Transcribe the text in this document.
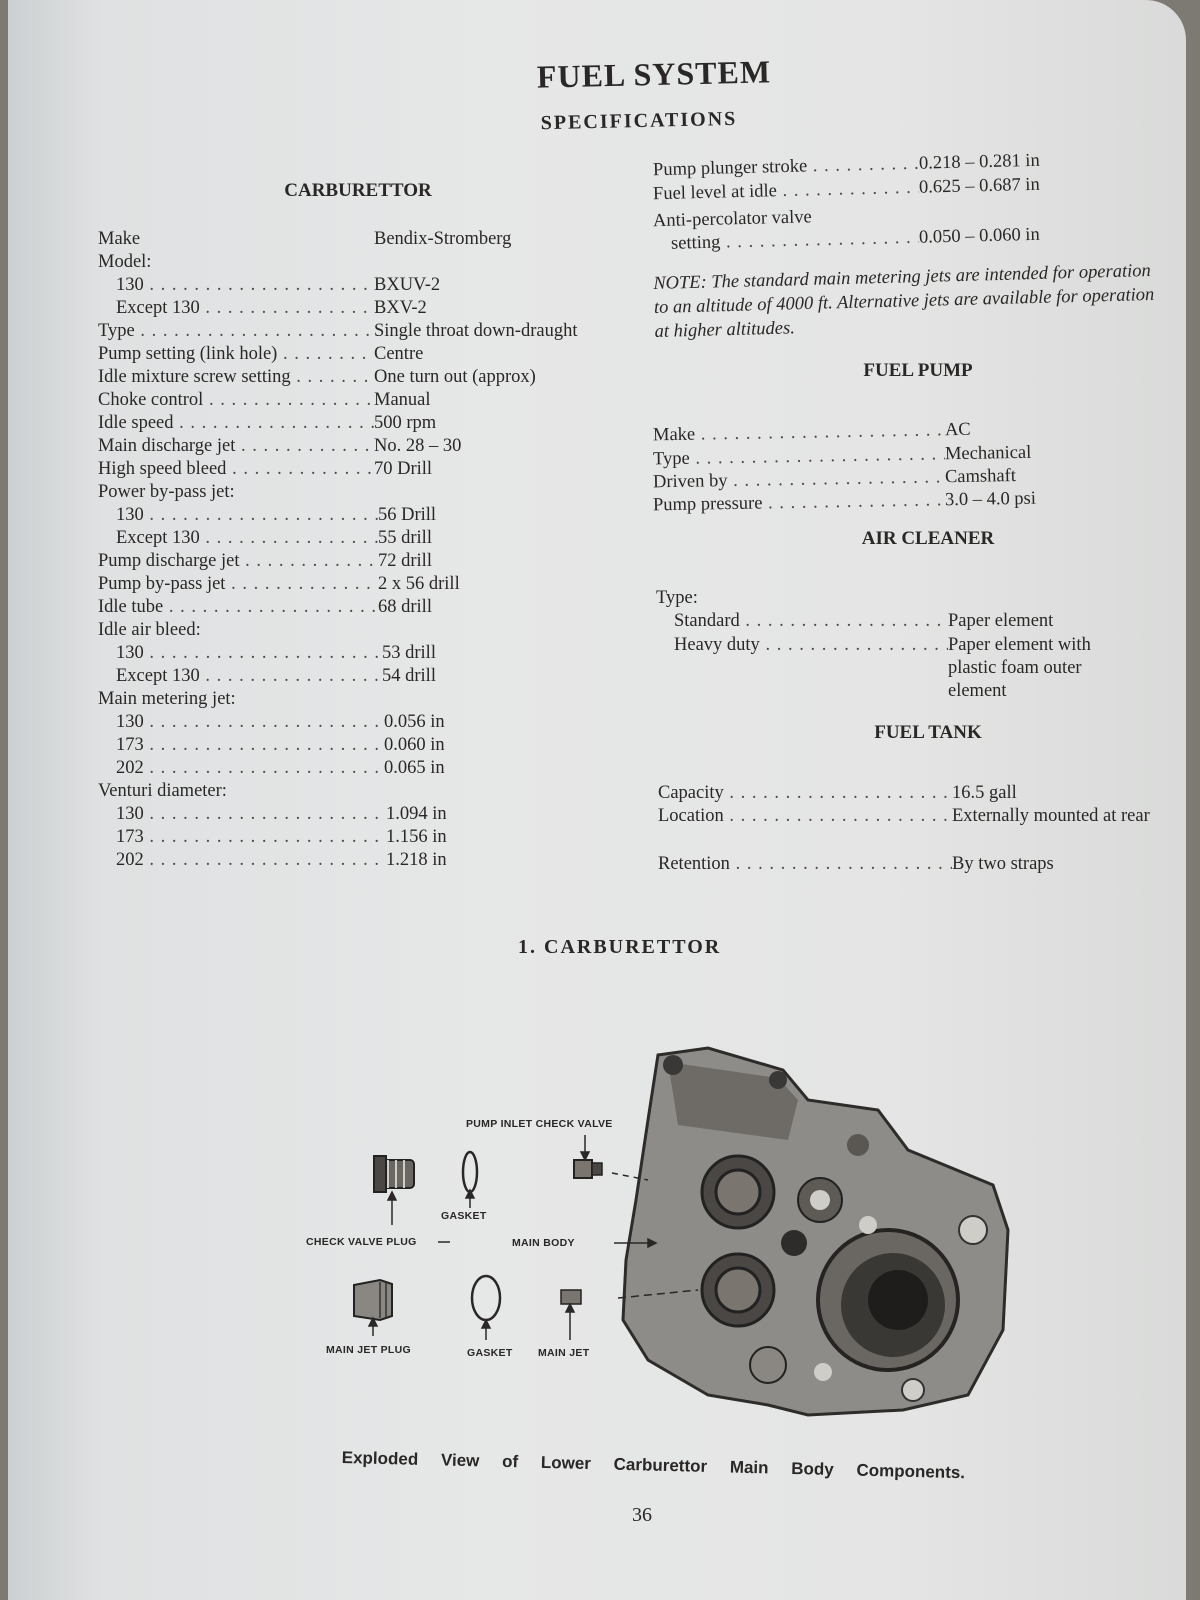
FUEL SYSTEM
SPECIFICATIONS
CARBURETTOR
Make	Bendix-Stromberg
Model:
130 . . .	BXUV-2
Except 130 . . .	BXV-2
Type . . .	Single throat down-draught
Pump setting (link hole) . . .	Centre
Idle mixture screw setting . . .	One turn out (approx)
Choke control . . .	Manual
Idle speed . . .	500 rpm
Main discharge jet . . .	No. 28 – 30
High speed bleed . . .	70 Drill
Power by-pass jet:
130 . . .	56 Drill
Except 130 . . .	55 drill
Pump discharge jet . . .	72 drill
Pump by-pass jet . . .	2 x 56 drill
Idle tube . . .	68 drill
Idle air bleed:
130 . . .	53 drill
Except 130 . . .	54 drill
Main metering jet:
130 . . .	0.056 in
173 . . .	0.060 in
202 . . .	0.065 in
Venturi diameter:
130 . . .	1.094 in
173 . . .	1.156 in
202 . . .	1.218 in
Pump plunger stroke . . .	0.218 – 0.281 in
Fuel level at idle . . .	0.625 – 0.687 in
Anti-percolator valve
setting . . .	0.050 – 0.060 in
NOTE: The standard main metering jets are intended for operation to an altitude of 4000 ft. Alternative jets are available for operation at higher altitudes.
FUEL PUMP
Make . . .	AC
Type . . .	Mechanical
Driven by . . .	Camshaft
Pump pressure . . .	3.0 – 4.0 psi
AIR CLEANER
Type:
Standard . . .	Paper element
Heavy duty . . .	Paper element with plastic foam outer element
FUEL TANK
Capacity . . .	16.5 gall
Location . . .	Externally mounted at rear
Retention . . .	By two straps
1. CARBURETTOR
PUMP INLET CHECK VALVE
GASKET
CHECK VALVE PLUG	MAIN BODY
MAIN JET PLUG	GASKET MAIN JET
Exploded View of Lower Carburettor Main Body Components.
36
